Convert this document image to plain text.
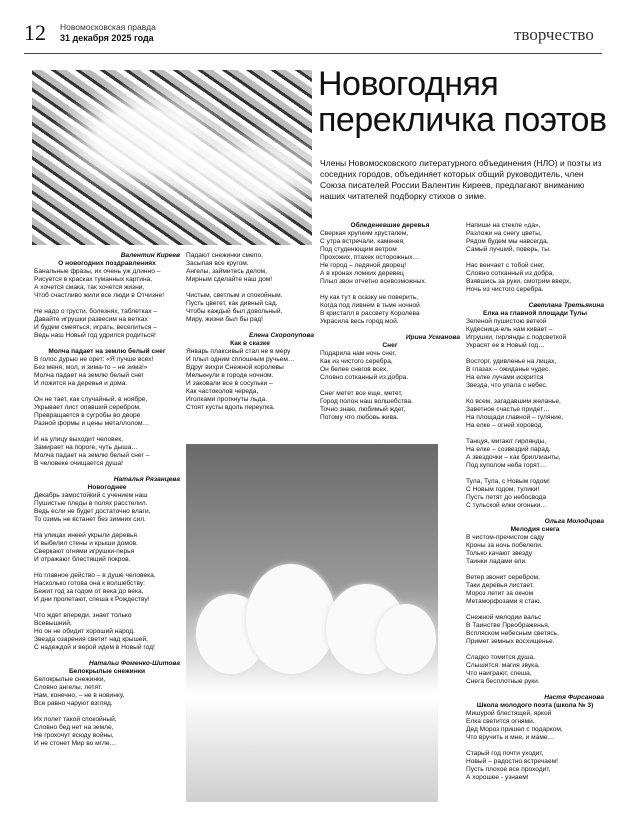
12 Новомосковская правда
31 декабря 2025 года	творчество
Новогодняя
перекличка поэтов
Члены Новомосковского литературного объединения (НЛО) и поэты из соседних городов, объединяет которых общий руководитель, член Союза писателей России Валентин Киреев, предлагают вниманию наших читателей подборку стихов о зиме.
Валентин Киреев
О новогодних поздравлениях
Банальные фразы, их очень уж длинно –
Рисуется в красках туманных картина,
А хочется смака, так хочется жизни,
Чтоб счастливо жили все люди в Отчизне!
Не надо о грусти, болезнях, таблетках –
Давайте игрушки развесим на ветках
И будем смеяться, играть, веселиться –
Ведь наш Новый год удрился родиться!
Молча падает на землю белый снег
В голос дурью не орет: «Я лучше всех!
Без меня, мол, и зима-то – не зима!»
Молча падает на землю белый снег
И ложится на деревья и дома.
Он не тает, как случайный, в ноябре,
Укрывает лист опавший серебром,
Превращается в сугробы во дворе
Разной формы и цены металлолом…
И на улицу выходит человек,
Замирает на пороге, чуть дыша…
Молча падает на землю белый снег –
В человеке очищается душа!
Наталья Рязанцева
Новогоднее
Декабрь замостойкий с учением наш
Пушистые пледы в полях расстелил.
Ведь если не будет достаточно влаги,
То озимь не встанет без зимних сил.
На улицах инеей укрыли деревья
И выбелил стены и крыши домов.
Сверкают огнями игрушки-перья
И отражают блестящий покров.
Но главное действо – в душе человека,
Насколько готова она к волшебству:
Бежит год за годом от века до века,
И дни пролетают, спеша к Рождеству!
Что ждет впереди, знает только
Всевышний,
Но он не обидит хороший народ.
Звезда озарения светит над крышей,
С надеждой и верой идем в Новый год!
Натальи Фоменко-Шитова
Белокрылые снежинки
Белокрылые снежинки,
Словно ангелы, летят.
Нам, конечно, – не в новинку,
Все равно чаруют взгляд.
Их полет такой спокойный,
Словно бед нет на земле,
Не грохочут всюду войны,
И не стонет Мир во мгле…
Падают снежинки смело,
Засыпая все кругом.
Ангелы, займитесь делом,
Мирным сделайте наш дом!
Чистым, светлым и спокойным.
Пусть цветет, как дивный сад.
Чтобы каждый был довольный,
Миру, жизни был бы рад!
Елена Скоропупова
Как в сказке
Январь плаксивый стал не в меру
И плыл одним сплошным ручьем…
Вдруг вихри Снежной королевы
Мелькнули в городе ночном.
И заковали все в сосульки –
Как частоколов череда,
Иголками проткнуты льда.
Стоят кусты вдоль переулка.
Обледеневшие деревья
Сверкая хрупким хрусталем,
С утра встречали, каменея,
Под студенющим ветром
Прохожих, птахек осторожных…
Не город – ледяной дворец!
А в кронах ломких деревец
Плыл звон отчетно всевозможных.
Ну как тут в сказку не поверить,
Когда под ливнем в тьме ночной
В кристалл в рассвету Королева
Украсила весь город мой.
Ирина Усманова
Снег
Подарила нам ночь снег,
Как из чистого серебра,
Он белее снегов всех,
Словно сотканный из добра.
Снег метет все еще, метет,
Город полон наш волшебства.
Точно знаю, любимый ждет,
Потому что любовь жива.
Напиши на стекле «да»,
Разложи на снегу цветы,
Рядом будем мы навсегда,
Самый лучший, поверь, ты.
Нас венчает с тобой снег,
Словно сотканный из добра,
Взявшись за руки, смотрим вверх,
Ночь из чистого серебра.
Светлана Третьякина
Елка на главной площади Тулы
Зеленой пушистою веткой
Кудесница-ель нам кивает –
Игрушки, гирлянды с подсветкой
Украсят ее в Новый год…
Восторг, удивленье на лицах,
В глазах – ожиданье чудес.
На елке лучами искрится
Звезда, что упала с небес.
Ко всем, загадавшим желанье,
Заветное счастье придет…
На площади главной – гуляние,
На елке – огней хоровод.
Танцуя, мигают гирлянды,
На елке – созвездий парад.
А звездочки – как бриллианты,
Под куполом неба горят…
Тула, Тула, с Новым годом!
С Новым годом, тулики!
Пусть летят до небосвода
С тульской елки огоньки…
Ольга Молодцова
Мелодия снега
В чистом-пречистом саду
Кроны за ночь побелели.
Только качают звезду
Таинки ладами ели.
Ветер звонит серебром,
Таки деревья листает.
Мороз летит за окном
Метаморфозами я стаю.
Снежной мелодии вальс
В Таинстве Преображенья,
Вспляском небесным светясь,
Примет земных восхищенье.
Сладко томится душа,
Слышится: магия звука,
Что наиграют, спеша,
Снега бесплотные руки.
Настя Фирсанова
Школа молодого поэта (школа № 3)
Мишурой блестящей, яркой
Елка светится огнями.
Дед Мороз пришел с подарком,
Что вручить и мне, и маме…
Старый год почти уходит,
Новый – радостно встречаем!
Пусть плохое все проходит,
А хорошее - узнаем!
